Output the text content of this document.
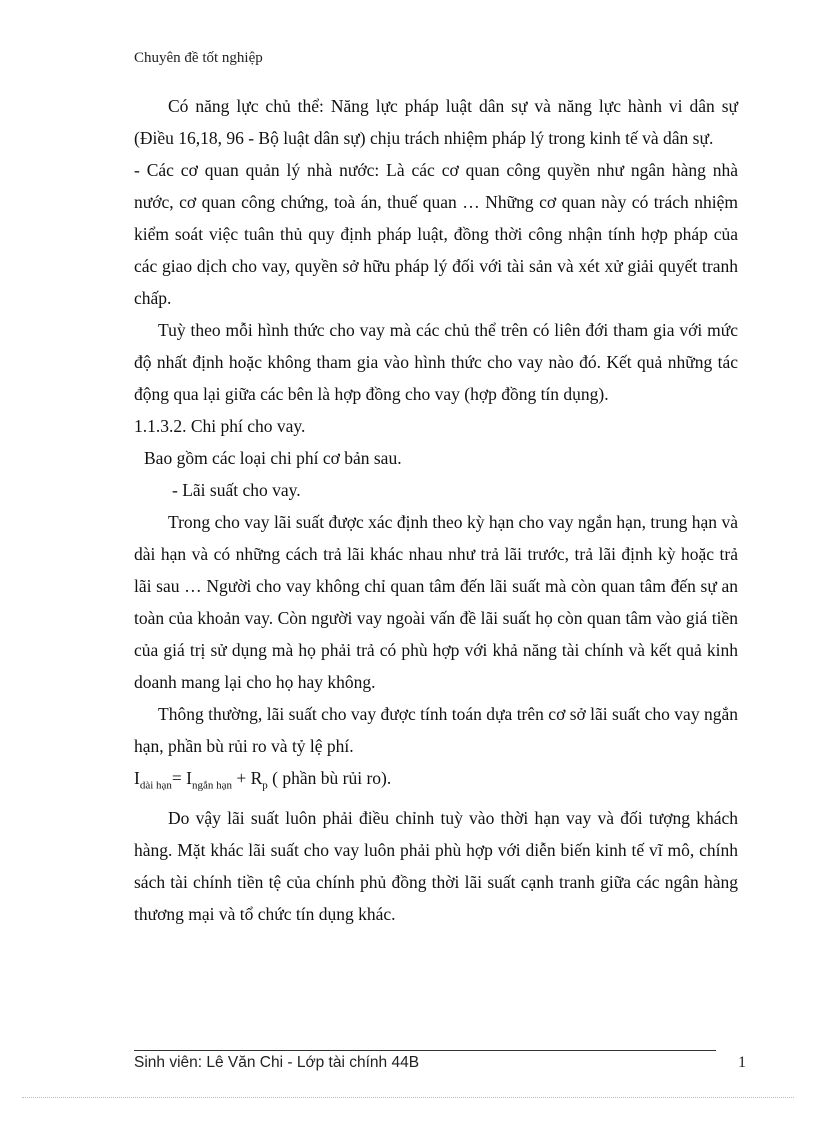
Chuyên đề tốt nghiệp

Có năng lực chủ thể: Năng lực pháp luật dân sự và năng lực hành vi dân sự (Điều 16,18, 96 - Bộ luật dân sự) chịu trách nhiệm pháp lý trong kinh tế và dân sự.

- Các cơ quan quản lý nhà nước: Là các cơ quan công quyền như ngân hàng nhà nước, cơ quan công chứng, toà án, thuế quan … Những cơ quan này có trách nhiệm kiểm soát việc tuân thủ quy định pháp luật, đồng thời công nhận tính hợp pháp của các giao dịch cho vay, quyền sở hữu pháp lý đối với tài sản và xét xử giải quyết tranh chấp.

Tuỳ theo mỗi hình thức cho vay mà các chủ thể trên có liên đới tham gia với mức độ nhất định hoặc không tham gia vào hình thức cho vay nào đó. Kết quả những tác động qua lại giữa các bên là hợp đồng cho vay (hợp đồng tín dụng).

1.1.3.2. Chi phí cho vay.

Bao gồm các loại chi phí cơ bản sau.

- Lãi suất cho vay.

Trong cho vay lãi suất được xác định theo kỳ hạn cho vay ngắn hạn, trung hạn và dài hạn và có những cách trả lãi khác nhau như trả lãi trước, trả lãi định kỳ hoặc trả lãi sau … Người cho vay không chỉ quan tâm đến lãi suất mà còn quan tâm đến sự an toàn của khoản vay. Còn người vay ngoài vấn đề lãi suất họ còn quan tâm vào giá tiền của giá trị sử dụng mà họ phải trả có phù hợp với khả năng tài chính và kết quả kinh doanh mang lại cho họ hay không.

Thông thường, lãi suất cho vay được tính toán dựa trên cơ sở lãi suất cho vay ngắn hạn, phần bù rủi ro và tỷ lệ phí.

$I_{dài hạn}= I_{ngắn hạn} + R_p$ ( phần bù rủi ro).

Do vậy lãi suất luôn phải điều chỉnh tuỳ vào thời hạn vay và đối tượng khách hàng. Mặt khác lãi suất cho vay luôn phải phù hợp với diễn biến kinh tế vĩ mô, chính sách tài chính tiền tệ của chính phủ đồng thời lãi suất cạnh tranh giữa các ngân hàng thương mại và tổ chức tín dụng khác.

Sinh viên: Lê Văn Chi - Lớp tài chính 44B	1
